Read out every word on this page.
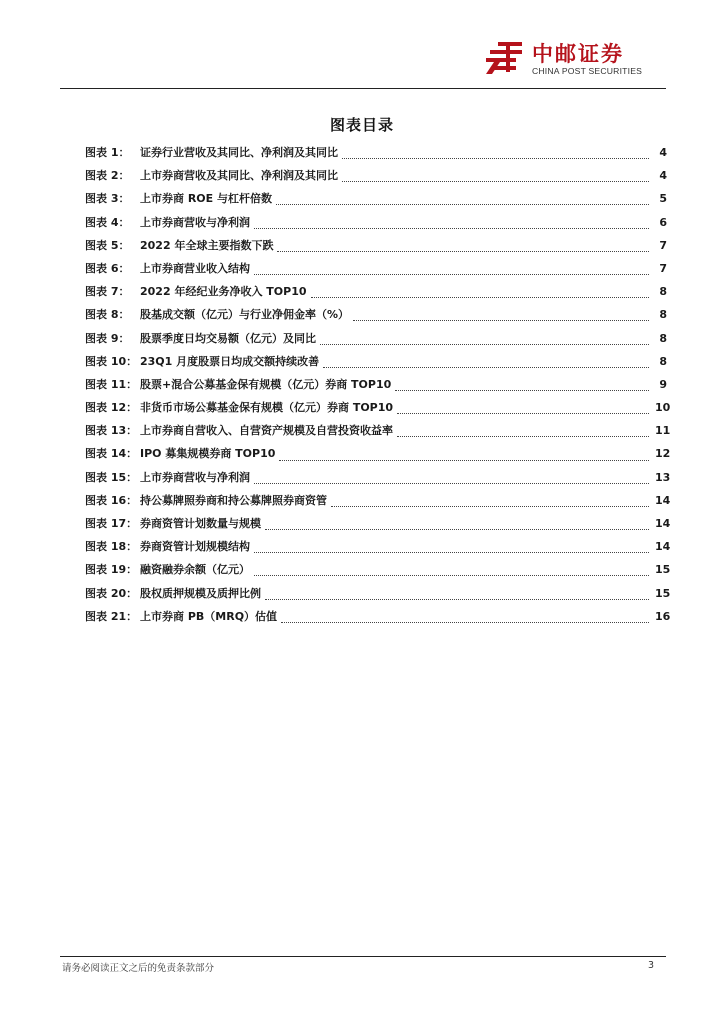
中邮证券
CHINA POST SECURITIES
图表目录
图表 1： 证券行业营收及其同比、净利润及其同比	4
图表 2： 上市券商营收及其同比、净利润及其同比	4
图表 3： 上市券商 ROE 与杠杆倍数	5
图表 4： 上市券商营收与净利润	6
图表 5： 2022 年全球主要指数下跌	7
图表 6： 上市券商营业收入结构	7
图表 7： 2022 年经纪业务净收入 TOP10	8
图表 8： 股基成交额（亿元）与行业净佣金率（%）	8
图表 9： 股票季度日均交易额（亿元）及同比	8
图表 10： 23Q1 月度股票日均成交额持续改善	8
图表 11： 股票+混合公募基金保有规模（亿元）券商 TOP10	9
图表 12： 非货币市场公募基金保有规模（亿元）券商 TOP10	10
图表 13： 上市券商自营收入、自营资产规模及自营投资收益率	11
图表 14： IPO 募集规模券商 TOP10	12
图表 15： 上市券商营收与净利润	13
图表 16： 持公募牌照券商和持公募牌照券商资管	14
图表 17： 券商资管计划数量与规模	14
图表 18： 券商资管计划规模结构	14
图表 19： 融资融券余额（亿元）	15
图表 20： 股权质押规模及质押比例	15
图表 21： 上市券商 PB（MRQ）估值	16
请务必阅读正文之后的免责条款部分	3
